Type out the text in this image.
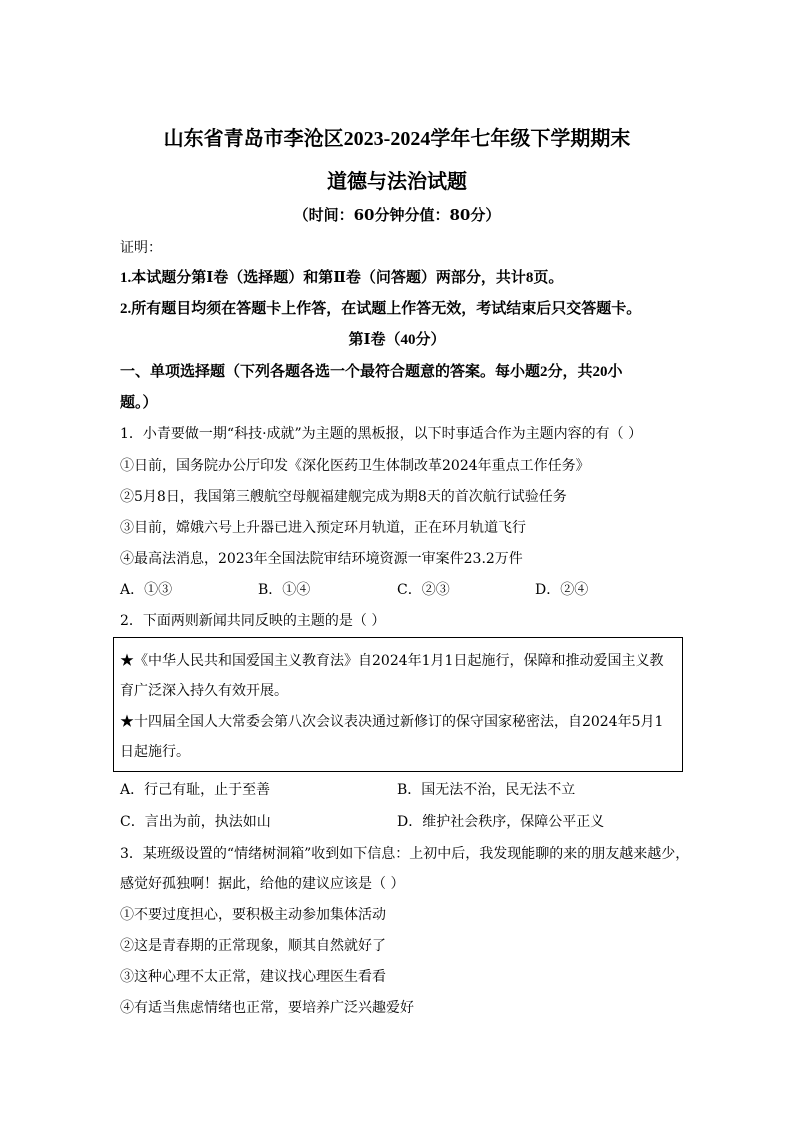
山东省青岛市李沧区2023-2024学年七年级下学期期末
道德与法治试题
（时间：60分钟分值：80分）
证明：
1.本试题分第Ⅰ卷（选择题）和第Ⅱ卷（问答题）两部分，共计8页。
2.所有题目均须在答题卡上作答，在试题上作答无效，考试结束后只交答题卡。
第Ⅰ卷（40分）
一、单项选择题（下列各题各选一个最符合题意的答案。每小题2分，共20小
题。）
1．小青要做一期“科技·成就”为主题的黑板报，以下时事适合作为主题内容的有（ ）
①日前，国务院办公厅印发《深化医药卫生体制改革2024年重点工作任务》
②5月8日，我国第三艘航空母舰福建舰完成为期8天的首次航行试验任务
③目前，嫦娥六号上升器已进入预定环月轨道，正在环月轨道飞行
④最高法消息，2023年全国法院审结环境资源一审案件23.2万件
A．①③	B．①④	C．②③	D．②④
2．下面两则新闻共同反映的主题的是（ ）
★《中华人民共和国爱国主义教育法》自2024年1月1日起施行，保障和推动爱国主义教
育广泛深入持久有效开展。
★十四届全国人大常委会第八次会议表决通过新修订的保守国家秘密法，自2024年5月1
日起施行。
A．行己有耻，止于至善	B．国无法不治，民无法不立
C．言出为前，执法如山	D．维护社会秩序，保障公平正义
3．某班级设置的“情绪树洞箱”收到如下信息：上初中后，我发现能聊的来的朋友越来越少，
感觉好孤独啊！据此，给他的建议应该是（ ）
①不要过度担心，要积极主动参加集体活动
②这是青春期的正常现象，顺其自然就好了
③这种心理不太正常，建议找心理医生看看
④有适当焦虑情绪也正常，要培养广泛兴趣爱好
